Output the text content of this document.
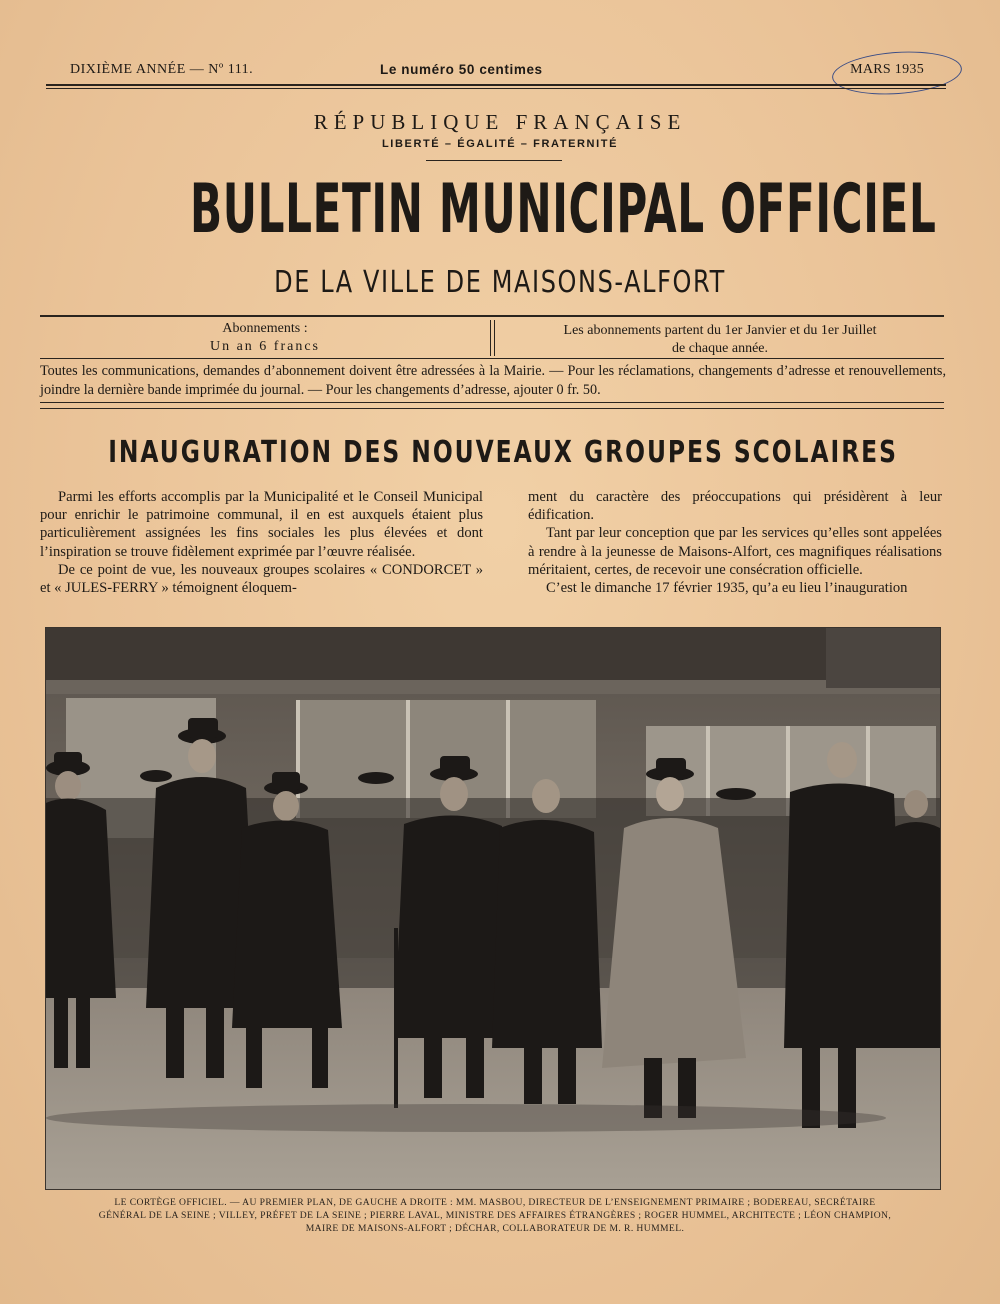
DIXIÈME ANNÉE — Nº 111.	Le numéro 50 centimes	MARS 1935
RÉPUBLIQUE FRANÇAISE
LIBERTÉ – ÉGALITÉ – FRATERNITÉ
BULLETIN MUNICIPAL OFFICIEL
DE LA VILLE DE MAISONS-ALFORT
Abonnements :
Un an 6 francs
Les abonnements partent du 1er Janvier et du 1er Juillet
de chaque année.
Toutes les communications, demandes d’abonnement doivent être adressées à la Mairie. — Pour les réclamations, changements d’adresse et renouvellements, joindre la dernière bande imprimée du journal. — Pour les changements d’adresse, ajouter 0 fr. 50.
INAUGURATION DES NOUVEAUX GROUPES SCOLAIRES

Parmi les efforts accomplis par la Municipalité et le Conseil Municipal pour enrichir le patrimoine communal, il en est auxquels étaient plus particulièrement assignées les fins sociales les plus élevées et dont l’inspiration se trouve fidèlement exprimée par l’œuvre réalisée.

De ce point de vue, les nouveaux groupes scolaires « CONDORCET » et « JULES-FERRY » témoignent éloquem-

ment du caractère des préoccupations qui présidèrent à leur édification.

Tant par leur conception que par les services qu’elles sont appelées à rendre à la jeunesse de Maisons-Alfort, ces magnifiques réalisations méritaient, certes, de recevoir une consécration officielle.

C’est le dimanche 17 février 1935, qu’a eu lieu l’inauguration

LE CORTÈGE OFFICIEL. — AU PREMIER PLAN, DE GAUCHE A DROITE : MM. MASBOU, DIRECTEUR DE L’ENSEIGNEMENT PRIMAIRE ; BODEREAU, SECRÉTAIRE GÉNÉRAL DE LA SEINE ; VILLEY, PRÉFET DE LA SEINE ; PIERRE LAVAL, MINISTRE DES AFFAIRES ÉTRANGÈRES ; ROGER HUMMEL, ARCHITECTE ; LÉON CHAMPION, MAIRE DE MAISONS-ALFORT ; DÉCHAR, COLLABORATEUR DE M. R. HUMMEL.
